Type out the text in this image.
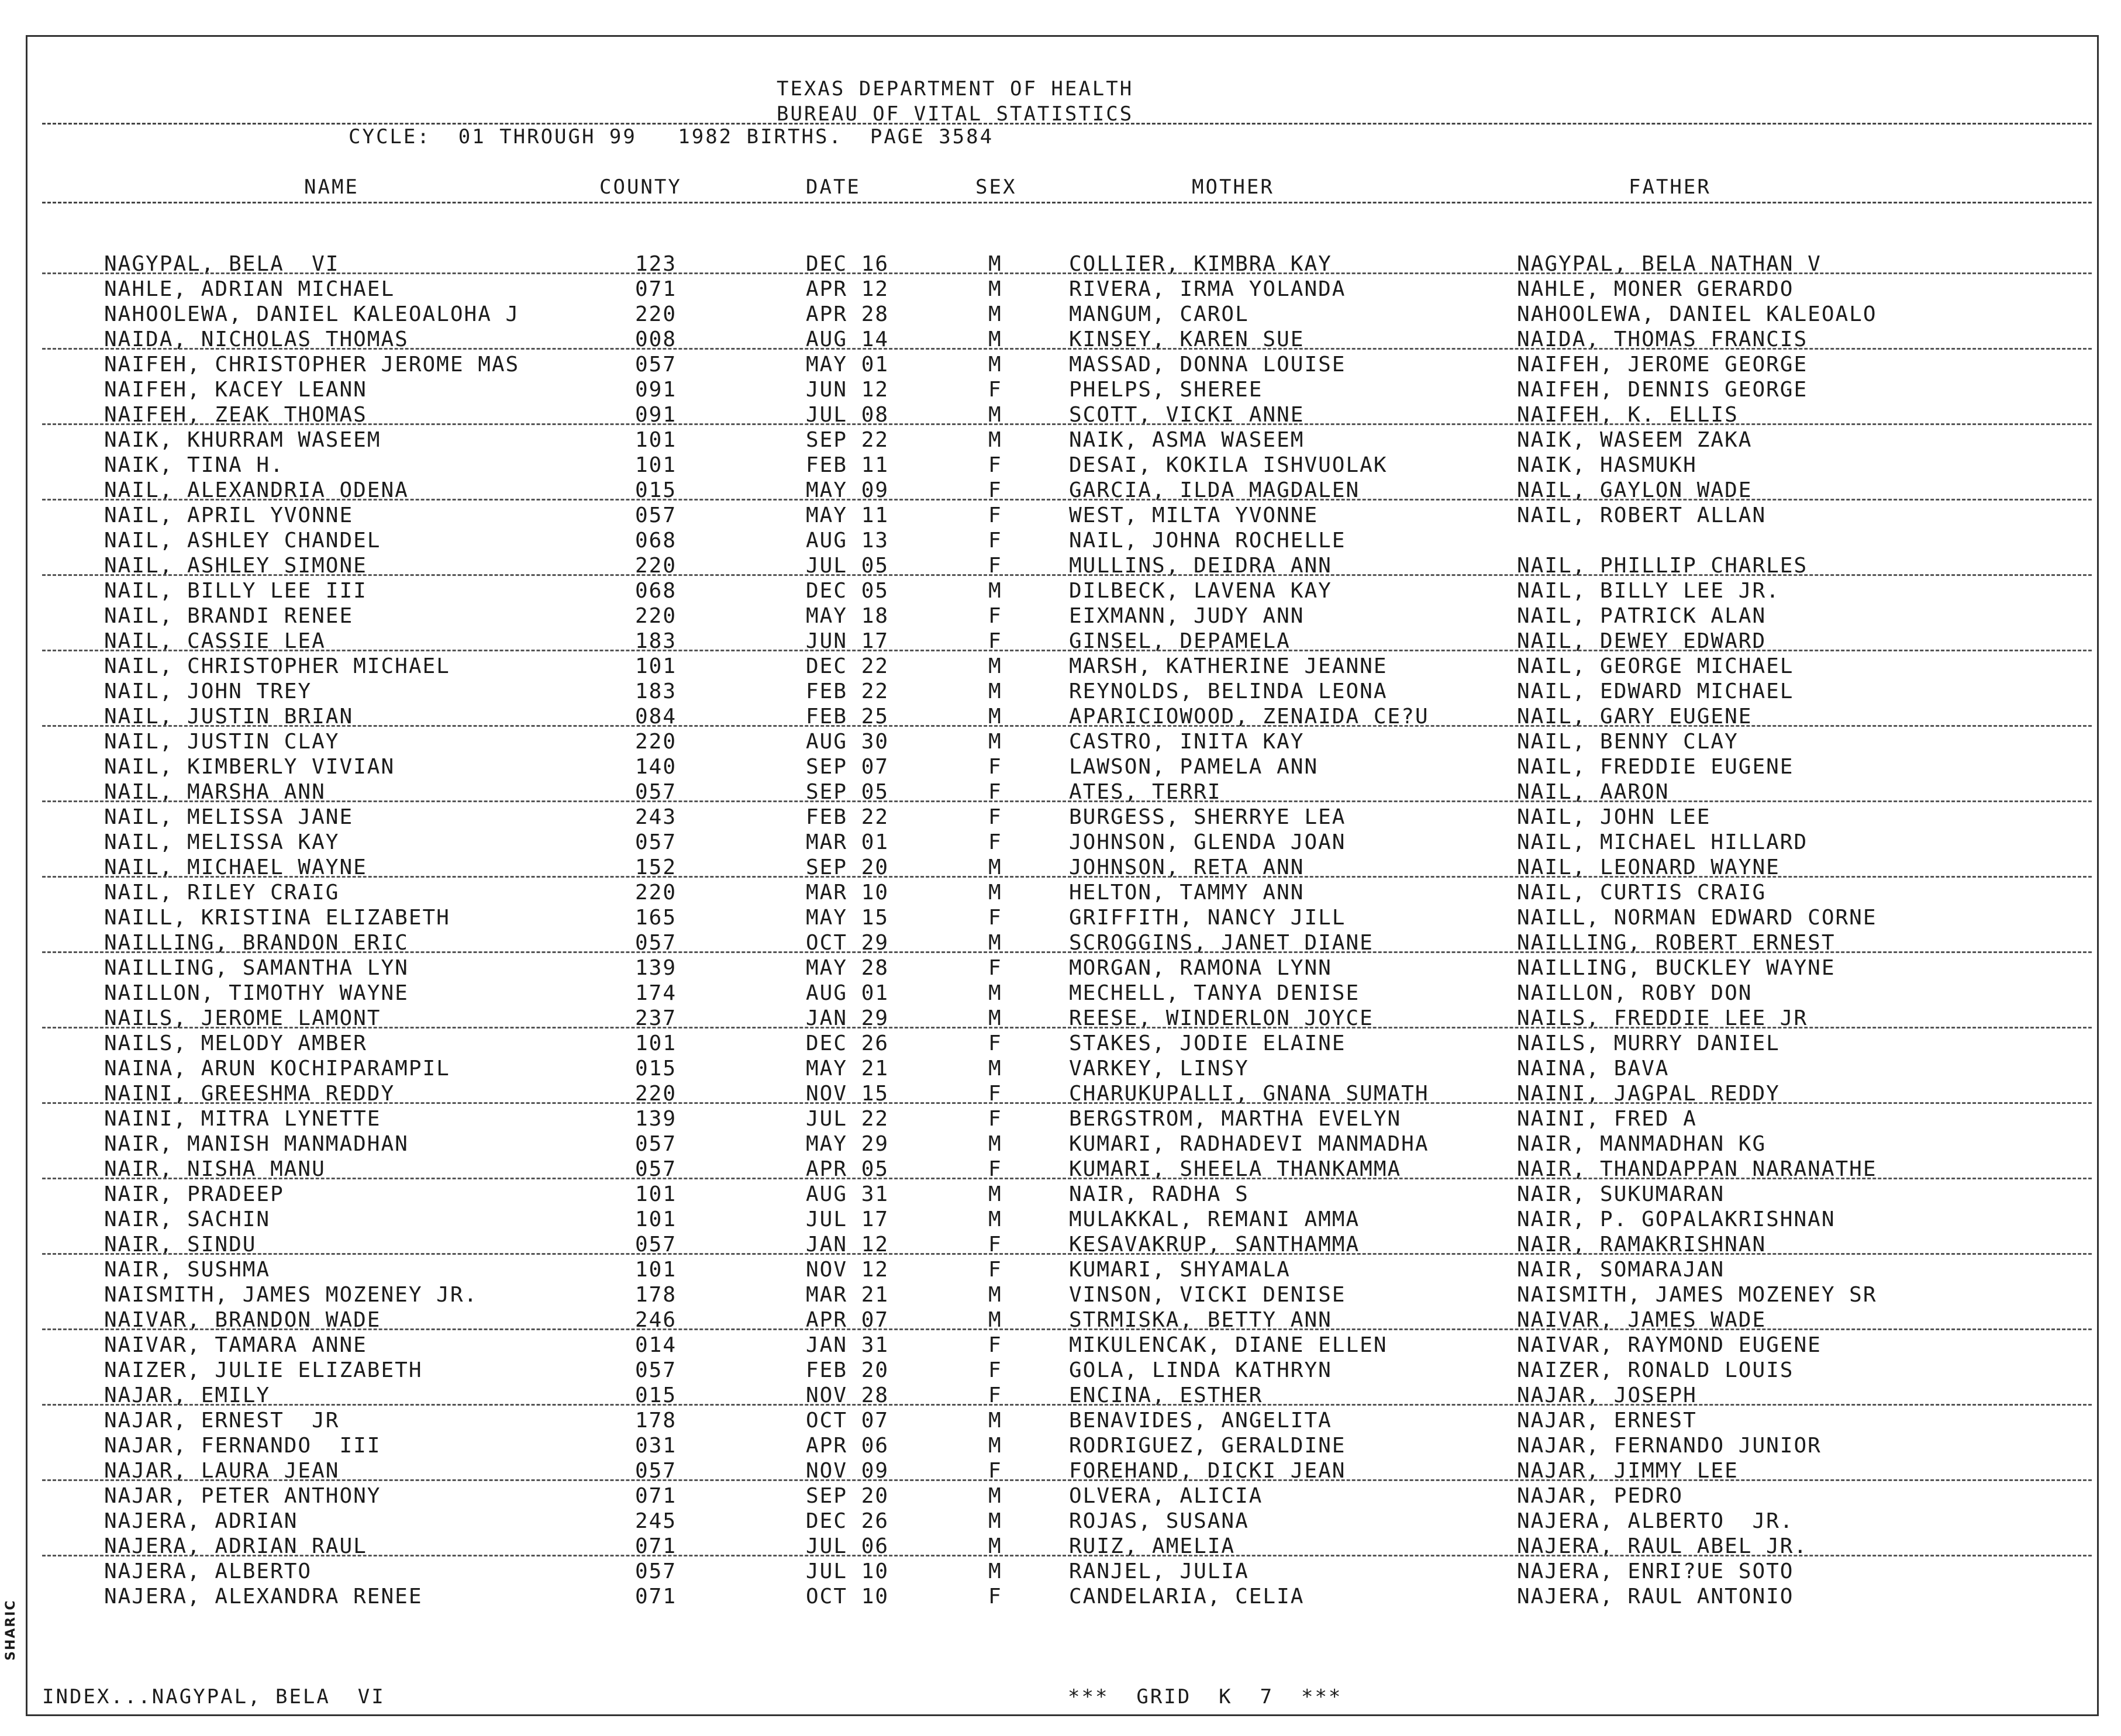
TEXAS DEPARTMENT OF HEALTH
BUREAU OF VITAL STATISTICS
CYCLE:  01 THROUGH 99   1982 BIRTHS.  PAGE 3584
NAME	COUNTY	DATE	SEX	MOTHER	FATHER
NAGYPAL, BELA  VI	123	DEC 16	M	COLLIER, KIMBRA KAY	NAGYPAL, BELA NATHAN V
NAHLE, ADRIAN MICHAEL	071	APR 12	M	RIVERA, IRMA YOLANDA	NAHLE, MONER GERARDO
NAHOOLEWA, DANIEL KALEOALOHA J	220	APR 28	M	MANGUM, CAROL	NAHOOLEWA, DANIEL KALEOALO
NAIDA, NICHOLAS THOMAS	008	AUG 14	M	KINSEY, KAREN SUE	NAIDA, THOMAS FRANCIS
NAIFEH, CHRISTOPHER JEROME MAS	057	MAY 01	M	MASSAD, DONNA LOUISE	NAIFEH, JEROME GEORGE
NAIFEH, KACEY LEANN	091	JUN 12	F	PHELPS, SHEREE	NAIFEH, DENNIS GEORGE
NAIFEH, ZEAK THOMAS	091	JUL 08	M	SCOTT, VICKI ANNE	NAIFEH, K. ELLIS
NAIK, KHURRAM WASEEM	101	SEP 22	M	NAIK, ASMA WASEEM	NAIK, WASEEM ZAKA
NAIK, TINA H.	101	FEB 11	F	DESAI, KOKILA ISHVUOLAK	NAIK, HASMUKH
NAIL, ALEXANDRIA ODENA	015	MAY 09	F	GARCIA, ILDA MAGDALEN	NAIL, GAYLON WADE
NAIL, APRIL YVONNE	057	MAY 11	F	WEST, MILTA YVONNE	NAIL, ROBERT ALLAN
NAIL, ASHLEY CHANDEL	068	AUG 13	F	NAIL, JOHNA ROCHELLE
NAIL, ASHLEY SIMONE	220	JUL 05	F	MULLINS, DEIDRA ANN	NAIL, PHILLIP CHARLES
NAIL, BILLY LEE III	068	DEC 05	M	DILBECK, LAVENA KAY	NAIL, BILLY LEE JR.
NAIL, BRANDI RENEE	220	MAY 18	F	EIXMANN, JUDY ANN	NAIL, PATRICK ALAN
NAIL, CASSIE LEA	183	JUN 17	F	GINSEL, DEPAMELA	NAIL, DEWEY EDWARD
NAIL, CHRISTOPHER MICHAEL	101	DEC 22	M	MARSH, KATHERINE JEANNE	NAIL, GEORGE MICHAEL
NAIL, JOHN TREY	183	FEB 22	M	REYNOLDS, BELINDA LEONA	NAIL, EDWARD MICHAEL
NAIL, JUSTIN BRIAN	084	FEB 25	M	APARICIOWOOD, ZENAIDA CE?U	NAIL, GARY EUGENE
NAIL, JUSTIN CLAY	220	AUG 30	M	CASTRO, INITA KAY	NAIL, BENNY CLAY
NAIL, KIMBERLY VIVIAN	140	SEP 07	F	LAWSON, PAMELA ANN	NAIL, FREDDIE EUGENE
NAIL, MARSHA ANN	057	SEP 05	F	ATES, TERRI	NAIL, AARON
NAIL, MELISSA JANE	243	FEB 22	F	BURGESS, SHERRYE LEA	NAIL, JOHN LEE
NAIL, MELISSA KAY	057	MAR 01	F	JOHNSON, GLENDA JOAN	NAIL, MICHAEL HILLARD
NAIL, MICHAEL WAYNE	152	SEP 20	M	JOHNSON, RETA ANN	NAIL, LEONARD WAYNE
NAIL, RILEY CRAIG	220	MAR 10	M	HELTON, TAMMY ANN	NAIL, CURTIS CRAIG
NAILL, KRISTINA ELIZABETH	165	MAY 15	F	GRIFFITH, NANCY JILL	NAILL, NORMAN EDWARD CORNE
NAILLING, BRANDON ERIC	057	OCT 29	M	SCROGGINS, JANET DIANE	NAILLING, ROBERT ERNEST
NAILLING, SAMANTHA LYN	139	MAY 28	F	MORGAN, RAMONA LYNN	NAILLING, BUCKLEY WAYNE
NAILLON, TIMOTHY WAYNE	174	AUG 01	M	MECHELL, TANYA DENISE	NAILLON, ROBY DON
NAILS, JEROME LAMONT	237	JAN 29	M	REESE, WINDERLON JOYCE	NAILS, FREDDIE LEE JR
NAILS, MELODY AMBER	101	DEC 26	F	STAKES, JODIE ELAINE	NAILS, MURRY DANIEL
NAINA, ARUN KOCHIPARAMPIL	015	MAY 21	M	VARKEY, LINSY	NAINA, BAVA
NAINI, GREESHMA REDDY	220	NOV 15	F	CHARUKUPALLI, GNANA SUMATH	NAINI, JAGPAL REDDY
NAINI, MITRA LYNETTE	139	JUL 22	F	BERGSTROM, MARTHA EVELYN	NAINI, FRED A
NAIR, MANISH MANMADHAN	057	MAY 29	M	KUMARI, RADHADEVI MANMADHA	NAIR, MANMADHAN KG
NAIR, NISHA MANU	057	APR 05	F	KUMARI, SHEELA THANKAMMA	NAIR, THANDAPPAN NARANATHE
NAIR, PRADEEP	101	AUG 31	M	NAIR, RADHA S	NAIR, SUKUMARAN
NAIR, SACHIN	101	JUL 17	M	MULAKKAL, REMANI AMMA	NAIR, P. GOPALAKRISHNAN
NAIR, SINDU	057	JAN 12	F	KESAVAKRUP, SANTHAMMA	NAIR, RAMAKRISHNAN
NAIR, SUSHMA	101	NOV 12	F	KUMARI, SHYAMALA	NAIR, SOMARAJAN
NAISMITH, JAMES MOZENEY JR.	178	MAR 21	M	VINSON, VICKI DENISE	NAISMITH, JAMES MOZENEY SR
NAIVAR, BRANDON WADE	246	APR 07	M	STRMISKA, BETTY ANN	NAIVAR, JAMES WADE
NAIVAR, TAMARA ANNE	014	JAN 31	F	MIKULENCAK, DIANE ELLEN	NAIVAR, RAYMOND EUGENE
NAIZER, JULIE ELIZABETH	057	FEB 20	F	GOLA, LINDA KATHRYN	NAIZER, RONALD LOUIS
NAJAR, EMILY	015	NOV 28	F	ENCINA, ESTHER	NAJAR, JOSEPH
NAJAR, ERNEST  JR	178	OCT 07	M	BENAVIDES, ANGELITA	NAJAR, ERNEST
NAJAR, FERNANDO  III	031	APR 06	M	RODRIGUEZ, GERALDINE	NAJAR, FERNANDO JUNIOR
NAJAR, LAURA JEAN	057	NOV 09	F	FOREHAND, DICKI JEAN	NAJAR, JIMMY LEE
NAJAR, PETER ANTHONY	071	SEP 20	M	OLVERA, ALICIA	NAJAR, PEDRO
NAJERA, ADRIAN	245	DEC 26	M	ROJAS, SUSANA	NAJERA, ALBERTO  JR.
NAJERA, ADRIAN RAUL	071	JUL 06	M	RUIZ, AMELIA	NAJERA, RAUL ABEL JR.
NAJERA, ALBERTO	057	JUL 10	M	RANJEL, JULIA	NAJERA, ENRI?UE SOTO
NAJERA, ALEXANDRA RENEE	071	OCT 10	F	CANDELARIA, CELIA	NAJERA, RAUL ANTONIO
INDEX...NAGYPAL, BELA  VI	***  GRID  K  7  ***
SHARIC
